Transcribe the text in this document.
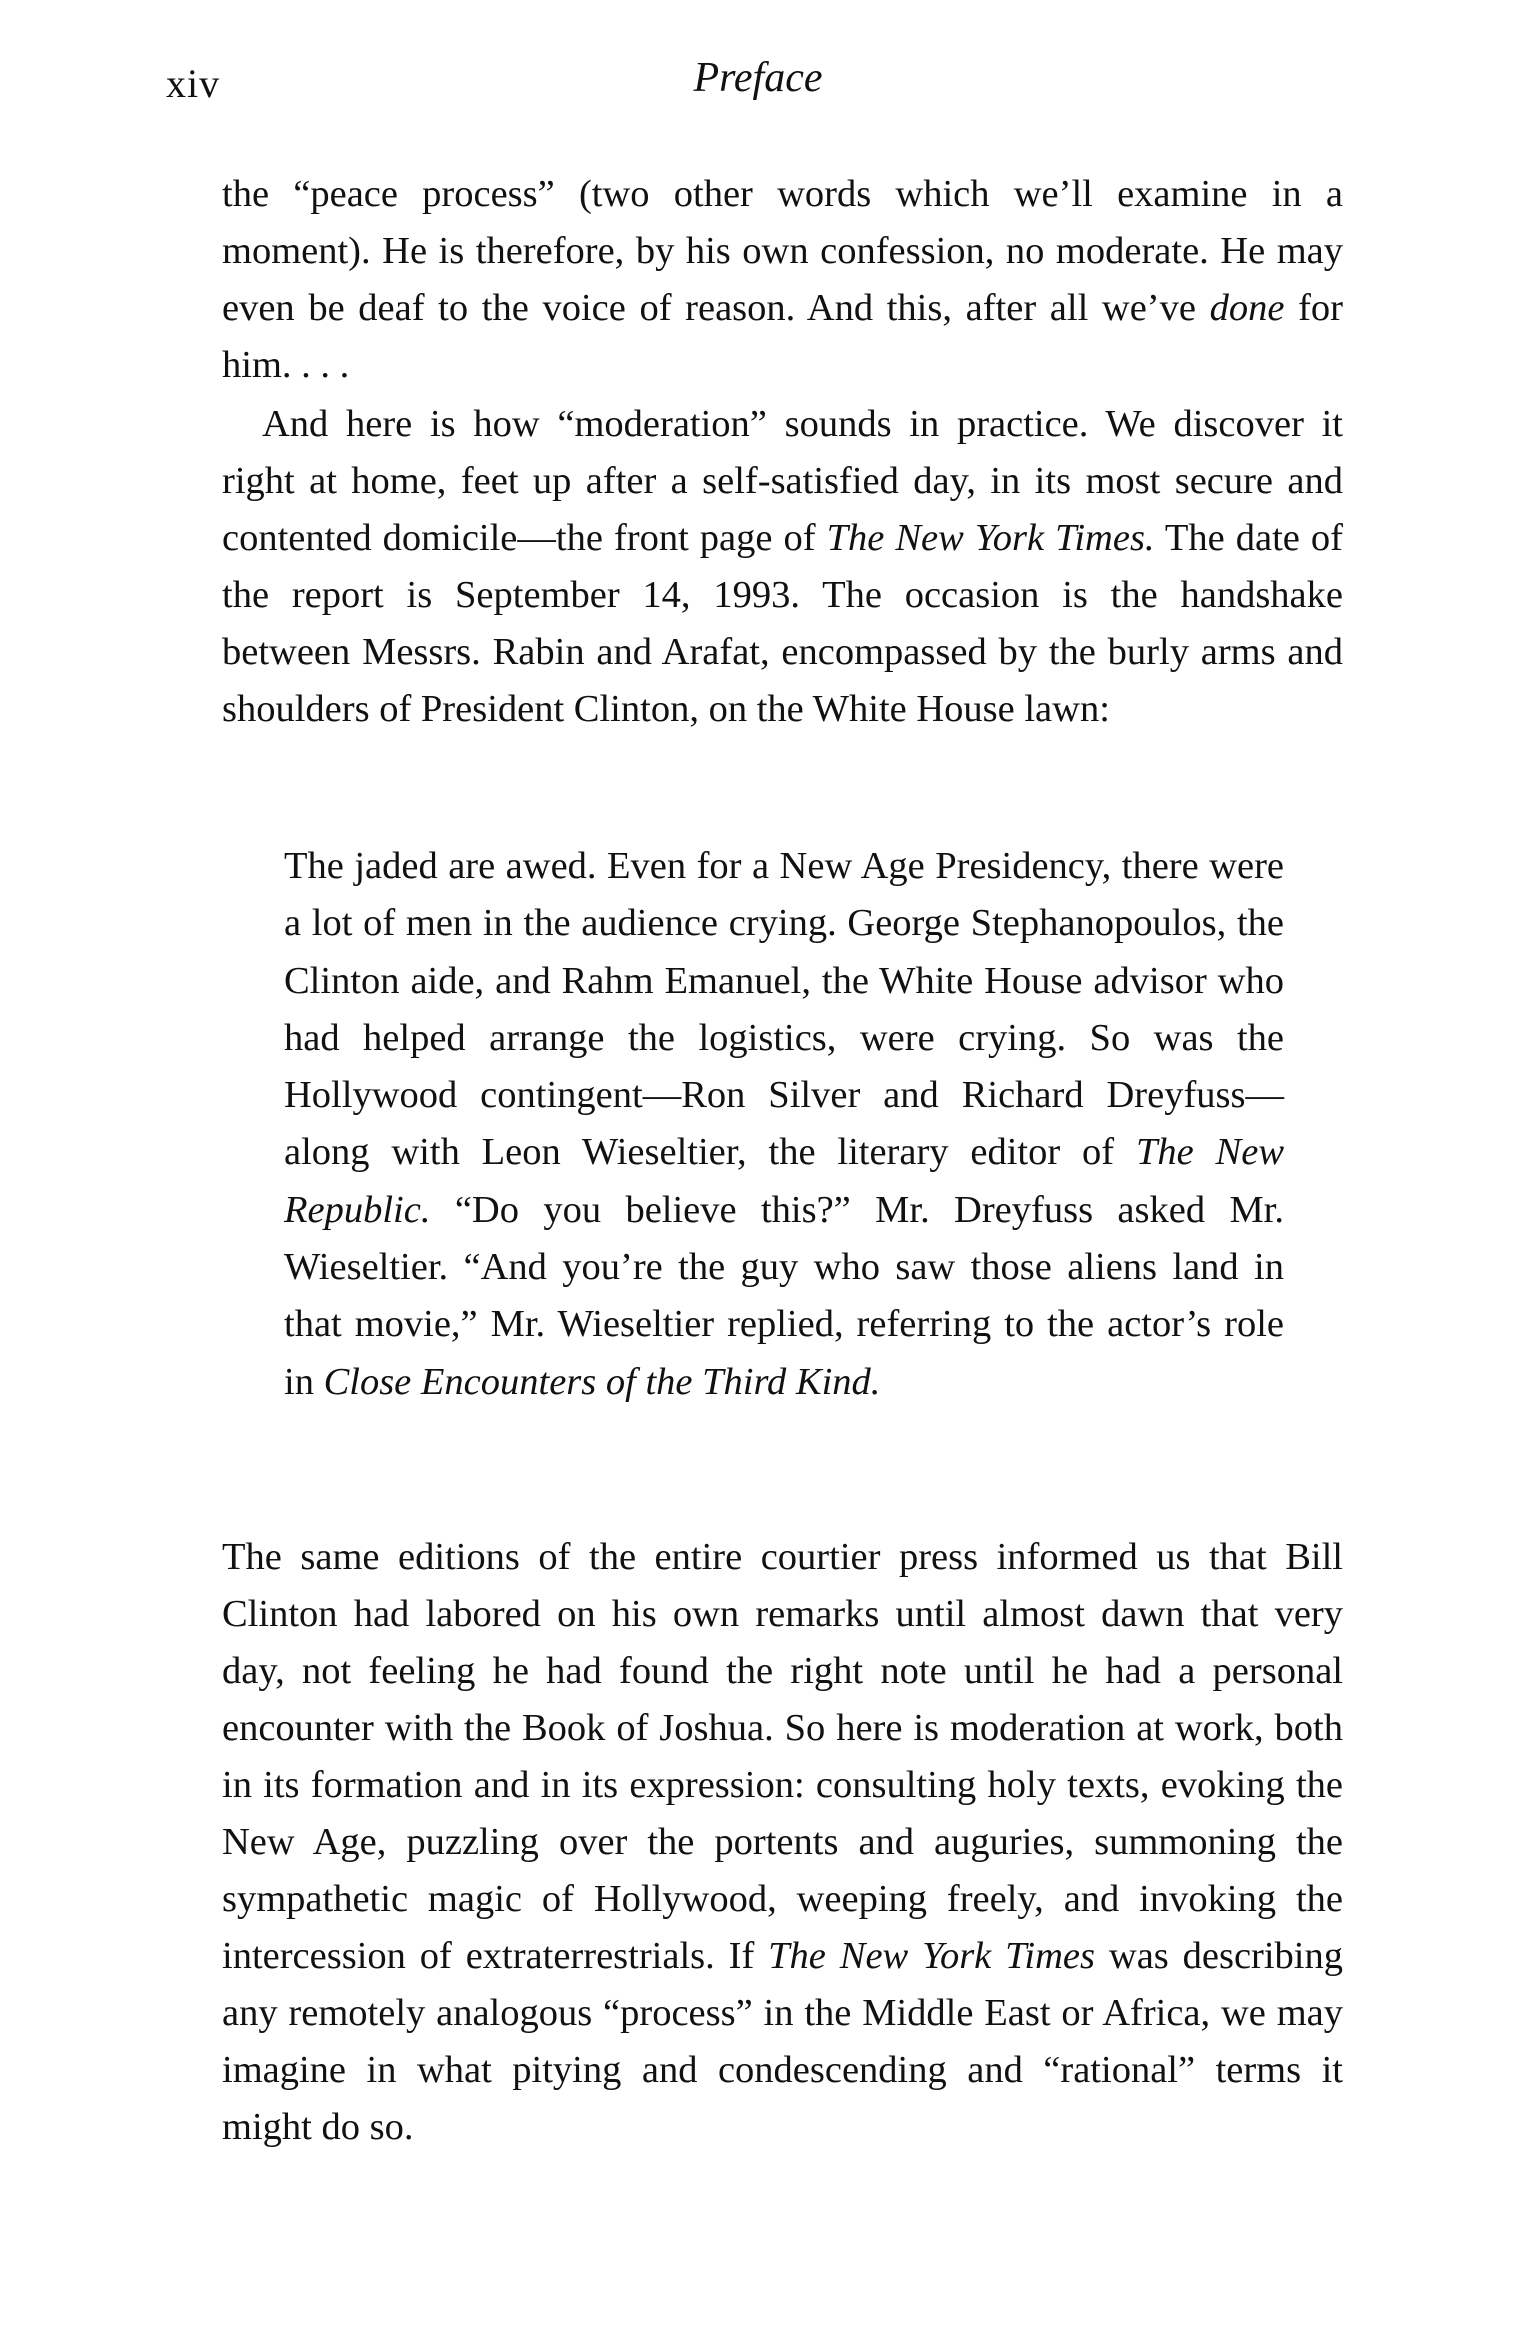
xiv	Preface

the “peace process” (two other words which we’ll examine in a moment). He is therefore, by his own confession, no moderate. He may even be deaf to the voice of reason. And this, after all we’ve done for him. . . .

And here is how “moderation” sounds in practice. We discover it right at home, feet up after a self-satisfied day, in its most secure and contented domicile—the front page of The New York Times. The date of the report is September 14, 1993. The occasion is the handshake between Messrs. Rabin and Arafat, encompassed by the burly arms and shoulders of President Clinton, on the White House lawn:

The jaded are awed. Even for a New Age Presidency, there were a lot of men in the audience crying. George Stephanopoulos, the Clinton aide, and Rahm Emanuel, the White House advisor who had helped arrange the logistics, were crying. So was the Hollywood contingent—Ron Silver and Richard Dreyfuss—along with Leon Wieseltier, the literary editor of The New Republic. “Do you believe this?” Mr. Dreyfuss asked Mr. Wieseltier. “And you’re the guy who saw those aliens land in that movie,” Mr. Wieseltier replied, referring to the actor’s role in Close Encounters of the Third Kind.

The same editions of the entire courtier press informed us that Bill Clinton had labored on his own remarks until almost dawn that very day, not feeling he had found the right note until he had a personal encounter with the Book of Joshua. So here is moderation at work, both in its formation and in its expression: consulting holy texts, evoking the New Age, puzzling over the portents and auguries, summoning the sympathetic magic of Hollywood, weeping freely, and invoking the intercession of extraterrestrials. If The New York Times was describing any remotely analogous “process” in the Middle East or Africa, we may imagine in what pitying and condescending and “rational” terms it might do so.
